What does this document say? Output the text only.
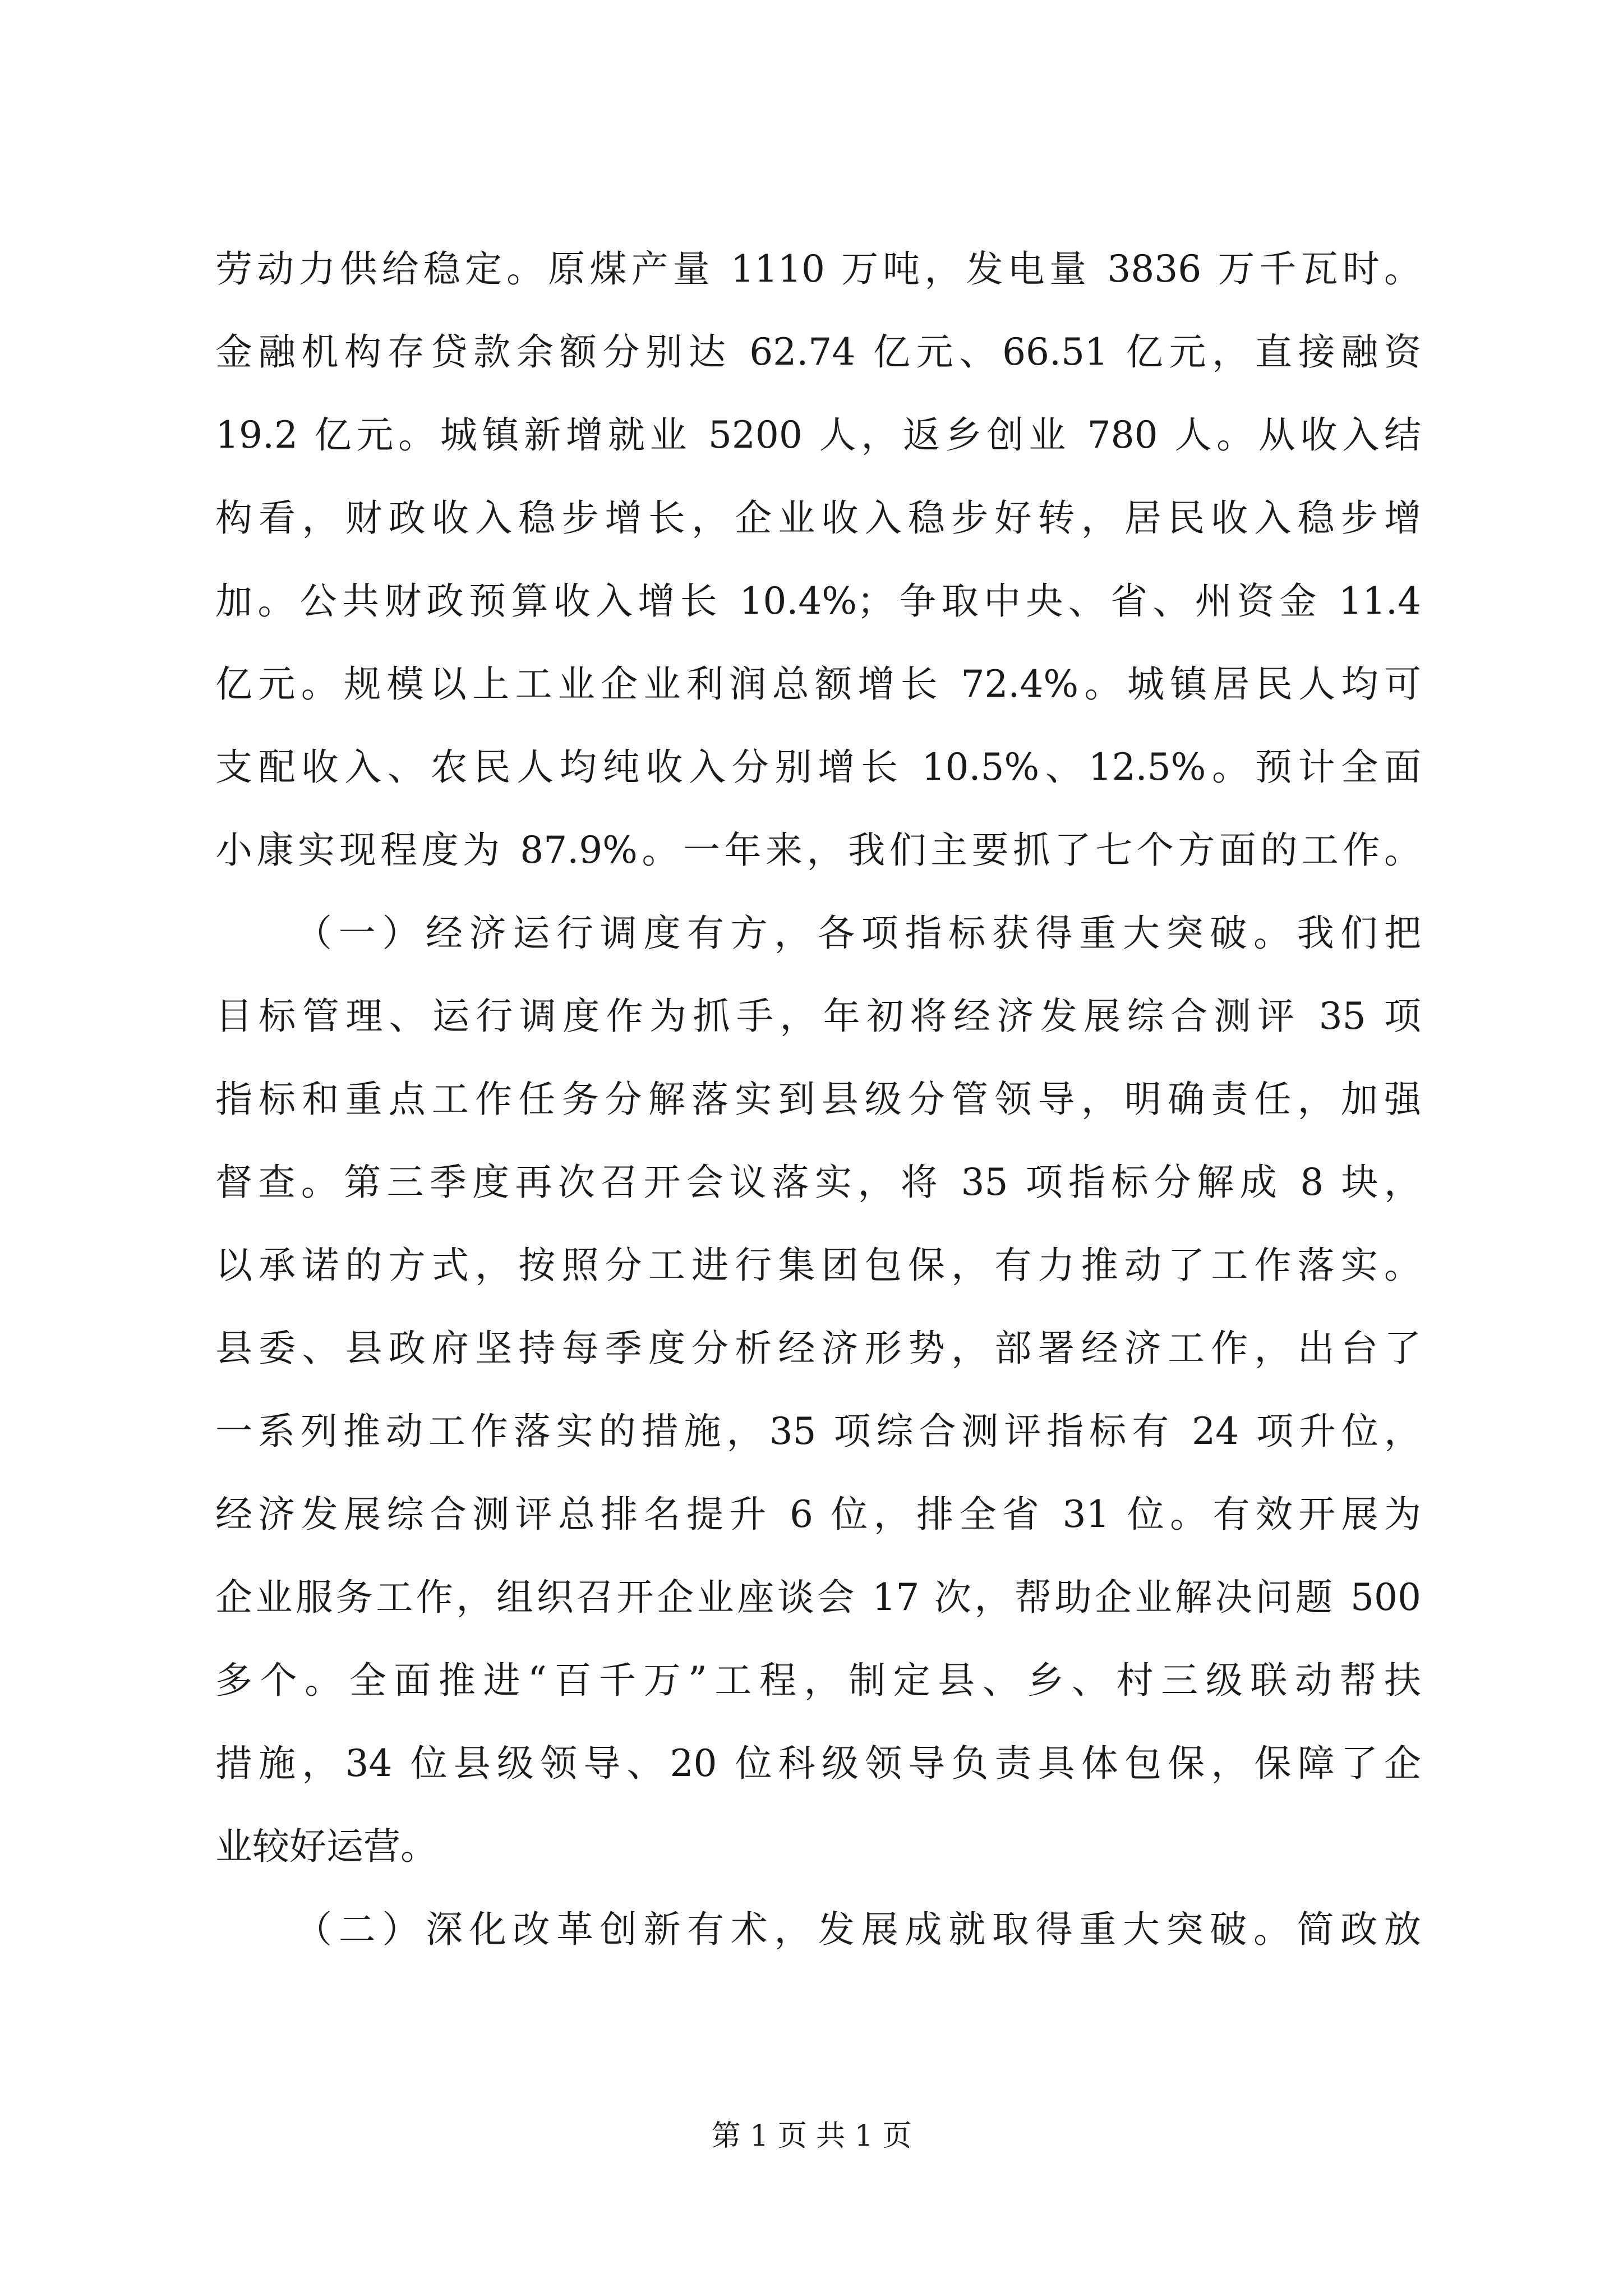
劳动力供给稳定。原煤产量 1110 万吨，发电量 3836 万千瓦时。

金融机构存贷款余额分别达 62.74 亿元、66.51 亿元，直接融资

19.2 亿元。城镇新增就业 5200 人，返乡创业 780 人。从收入结

构看，财政收入稳步增长，企业收入稳步好转，居民收入稳步增

加。公共财政预算收入增长 10.4%；争取中央、省、州资金 11.4

亿元。规模以上工业企业利润总额增长 72.4%。城镇居民人均可

支配收入、农民人均纯收入分别增长 10.5%、12.5%。预计全面

小康实现程度为 87.9%。一年来，我们主要抓了七个方面的工作。

（一）经济运行调度有方，各项指标获得重大突破。我们把

目标管理、运行调度作为抓手，年初将经济发展综合测评 35 项

指标和重点工作任务分解落实到县级分管领导，明确责任，加强

督查。第三季度再次召开会议落实，将 35 项指标分解成 8 块，

以承诺的方式，按照分工进行集团包保，有力推动了工作落实。

县委、县政府坚持每季度分析经济形势，部署经济工作，出台了

一系列推动工作落实的措施，35 项综合测评指标有 24 项升位，

经济发展综合测评总排名提升 6 位，排全省 31 位。有效开展为

企业服务工作，组织召开企业座谈会 17 次，帮助企业解决问题 500

多个。全面推进“百千万”工程，制定县、乡、村三级联动帮扶

措施，34 位县级领导、20 位科级领导负责具体包保，保障了企

业较好运营。

（二）深化改革创新有术，发展成就取得重大突破。简政放

第 1 页 共 1 页
